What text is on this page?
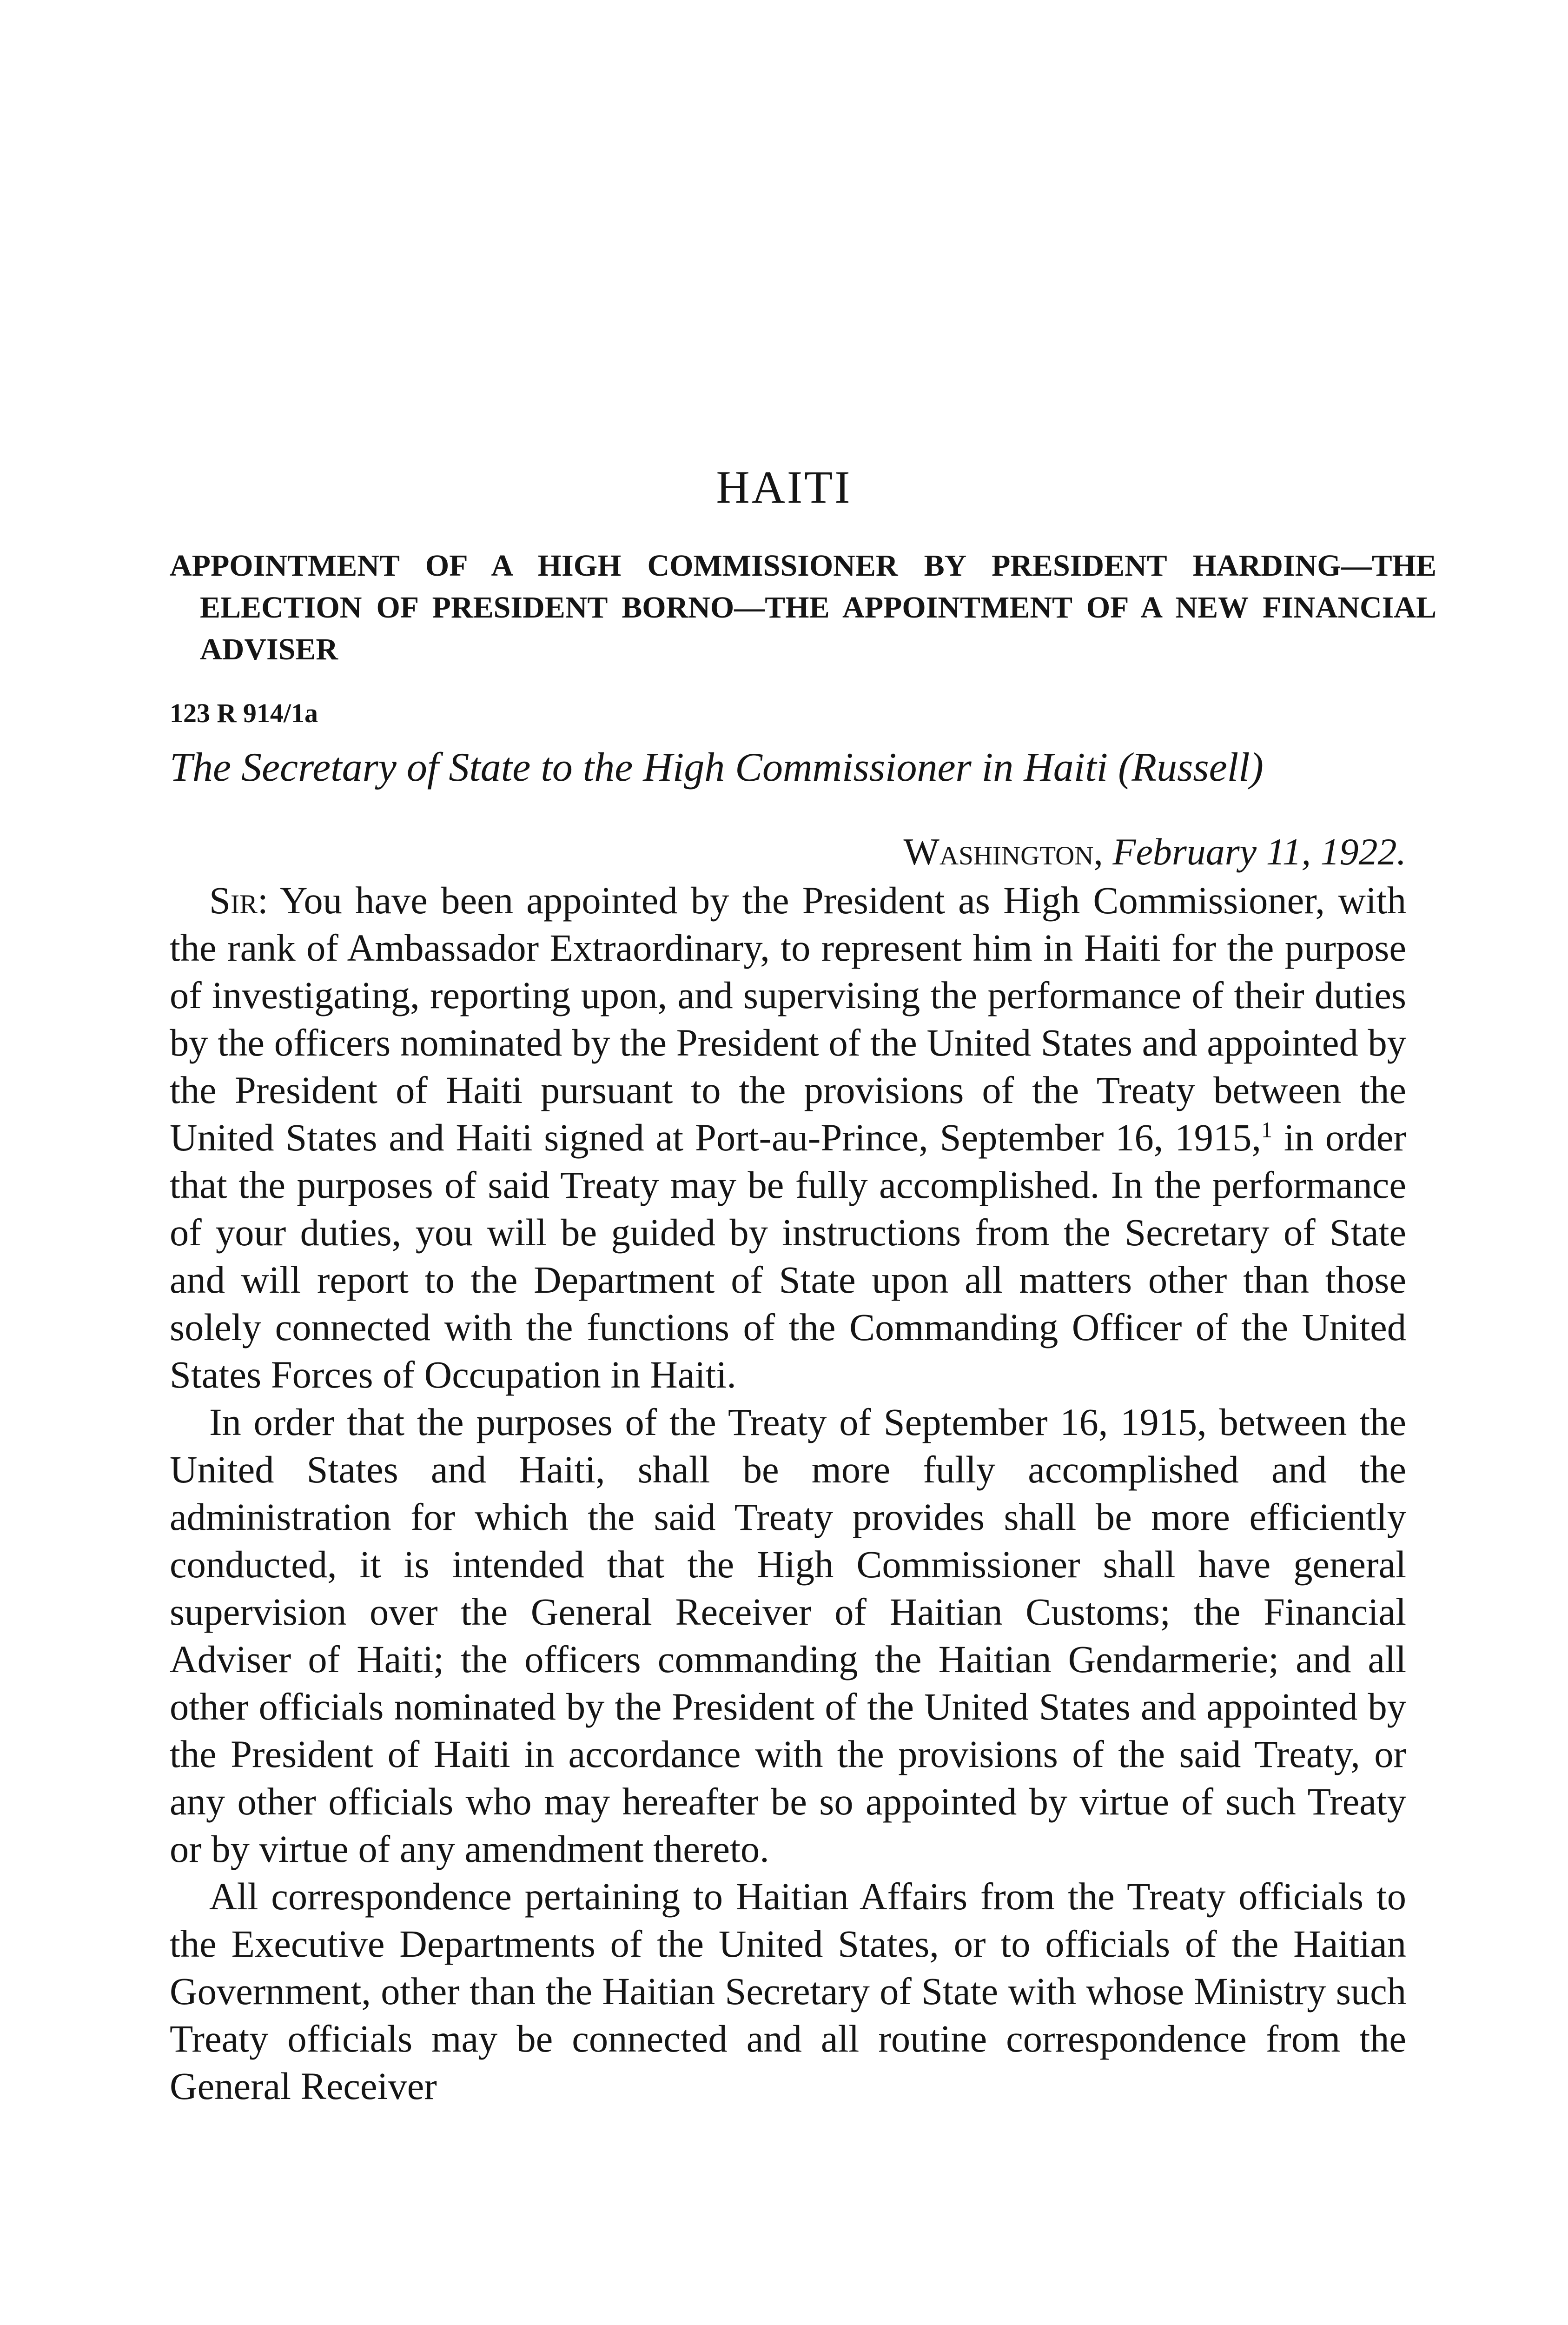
HAITI
APPOINTMENT OF A HIGH COMMISSIONER BY PRESIDENT HARDING—THE ELECTION OF PRESIDENT BORNO—THE APPOINTMENT OF A NEW FINANCIAL ADVISER

123 R 914/1a

The Secretary of State to the High Commissioner in Haiti (Russell)

Washington, February 11, 1922.

Sir: You have been appointed by the President as High Commissioner, with the rank of Ambassador Extraordinary, to represent him in Haiti for the purpose of investigating, reporting upon, and supervising the performance of their duties by the officers nominated by the President of the United States and appointed by the President of Haiti pursuant to the provisions of the Treaty between the United States and Haiti signed at Port-au-Prince, September 16, 1915,$^1$ in order that the purposes of said Treaty may be fully accomplished. In the performance of your duties, you will be guided by instructions from the Secretary of State and will report to the Department of State upon all matters other than those solely connected with the functions of the Commanding Officer of the United States Forces of Occupation in Haiti.

In order that the purposes of the Treaty of September 16, 1915, between the United States and Haiti, shall be more fully accomplished and the administration for which the said Treaty provides shall be more efficiently conducted, it is intended that the High Commissioner shall have general supervision over the General Receiver of Haitian Customs; the Financial Adviser of Haiti; the officers commanding the Haitian Gendarmerie; and all other officials nominated by the President of the United States and appointed by the President of Haiti in accordance with the provisions of the said Treaty, or any other officials who may hereafter be so appointed by virtue of such Treaty or by virtue of any amendment thereto.

All correspondence pertaining to Haitian Affairs from the Treaty officials to the Executive Departments of the United States, or to officials of the Haitian Government, other than the Haitian Secretary of State with whose Ministry such Treaty officials may be connected and all routine correspondence from the General Receiver
